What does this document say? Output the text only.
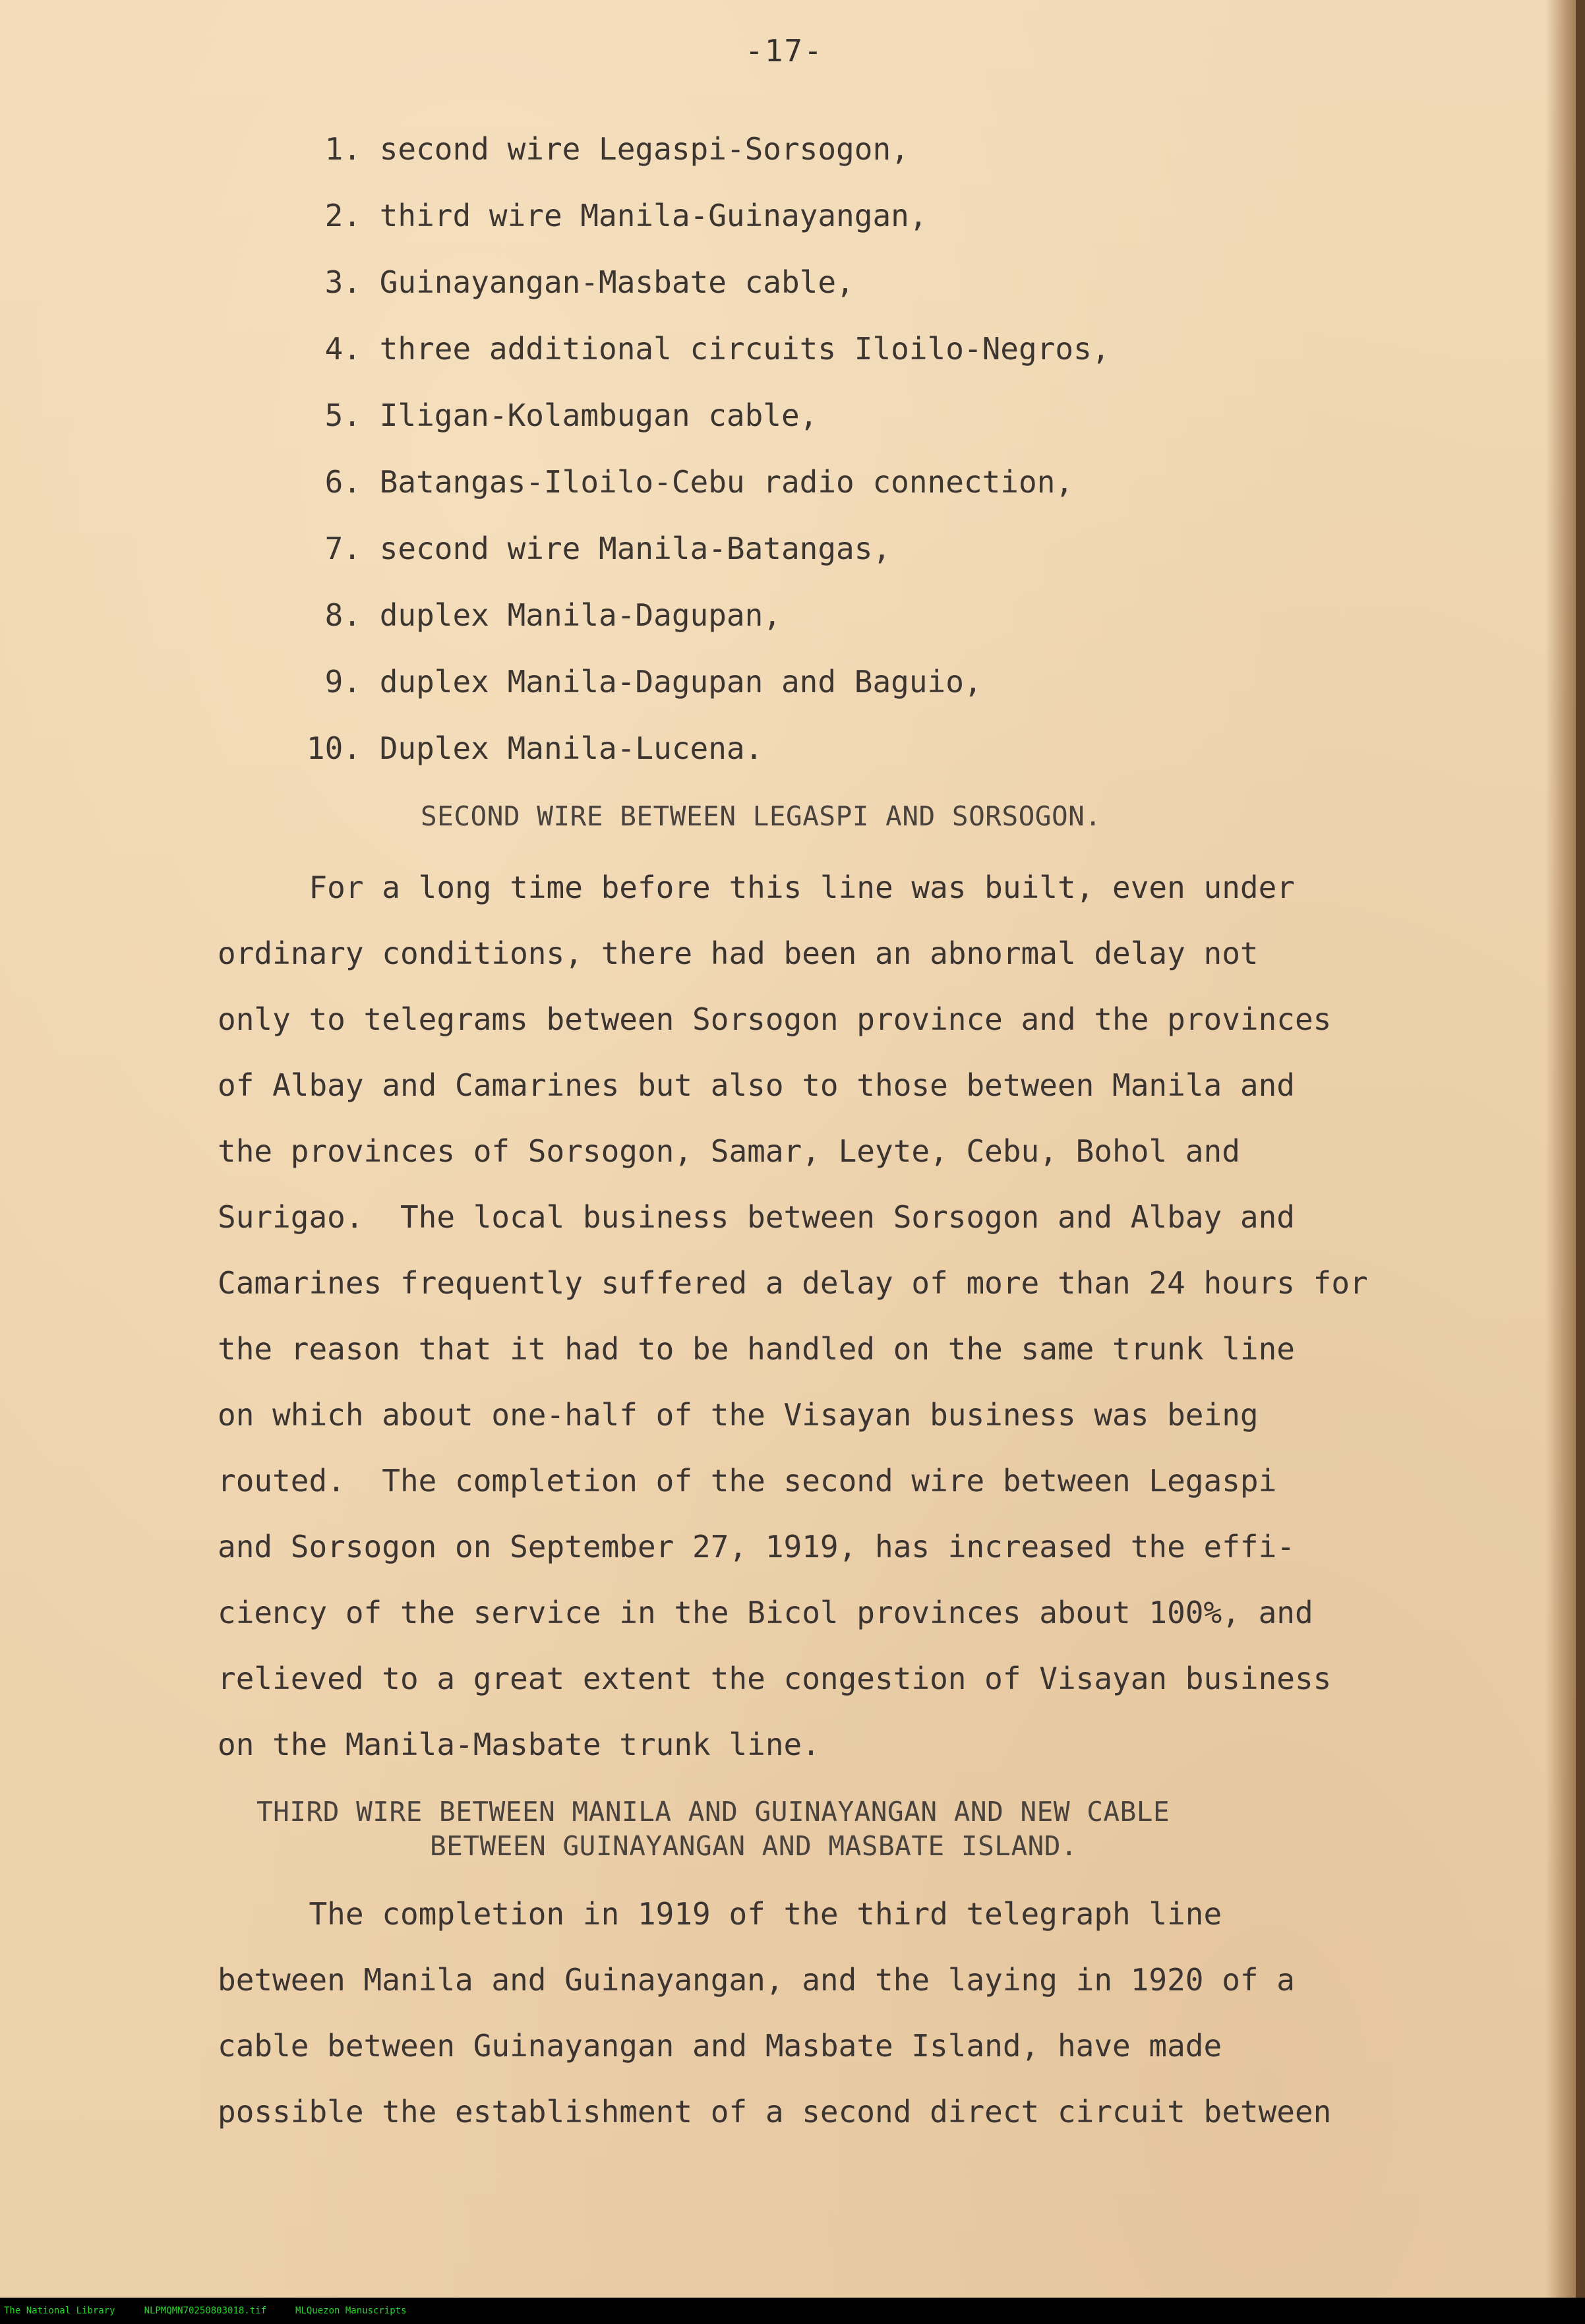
-17-
1. second wire Legaspi-Sorsogon,
2. third wire Manila-Guinayangan,
3. Guinayangan-Masbate cable,
4. three additional circuits Iloilo-Negros,
5. Iligan-Kolambugan cable,
6. Batangas-Iloilo-Cebu radio connection,
7. second wire Manila-Batangas,
8. duplex Manila-Dagupan,
9. duplex Manila-Dagupan and Baguio,
10. Duplex Manila-Lucena.
SECOND WIRE BETWEEN LEGASPI AND SORSOGON.
For a long time before this line was built, even under
ordinary conditions, there had been an abnormal delay not
only to telegrams between Sorsogon province and the provinces
of Albay and Camarines but also to those between Manila and
the provinces of Sorsogon, Samar, Leyte, Cebu, Bohol and
Surigao.  The local business between Sorsogon and Albay and
Camarines frequently suffered a delay of more than 24 hours for
the reason that it had to be handled on the same trunk line
on which about one-half of the Visayan business was being
routed.  The completion of the second wire between Legaspi
and Sorsogon on September 27, 1919, has increased the effi-
ciency of the service in the Bicol provinces about 100%, and
relieved to a great extent the congestion of Visayan business
on the Manila-Masbate trunk line.
THIRD WIRE BETWEEN MANILA AND GUINAYANGAN AND NEW CABLE
BETWEEN GUINAYANGAN AND MASBATE ISLAND.
The completion in 1919 of the third telegraph line
between Manila and Guinayangan, and the laying in 1920 of a
cable between Guinayangan and Masbate Island, have made
possible the establishment of a second direct circuit between
The National Library	NLPMQMN70250803018.tif	MLQuezon Manuscripts
